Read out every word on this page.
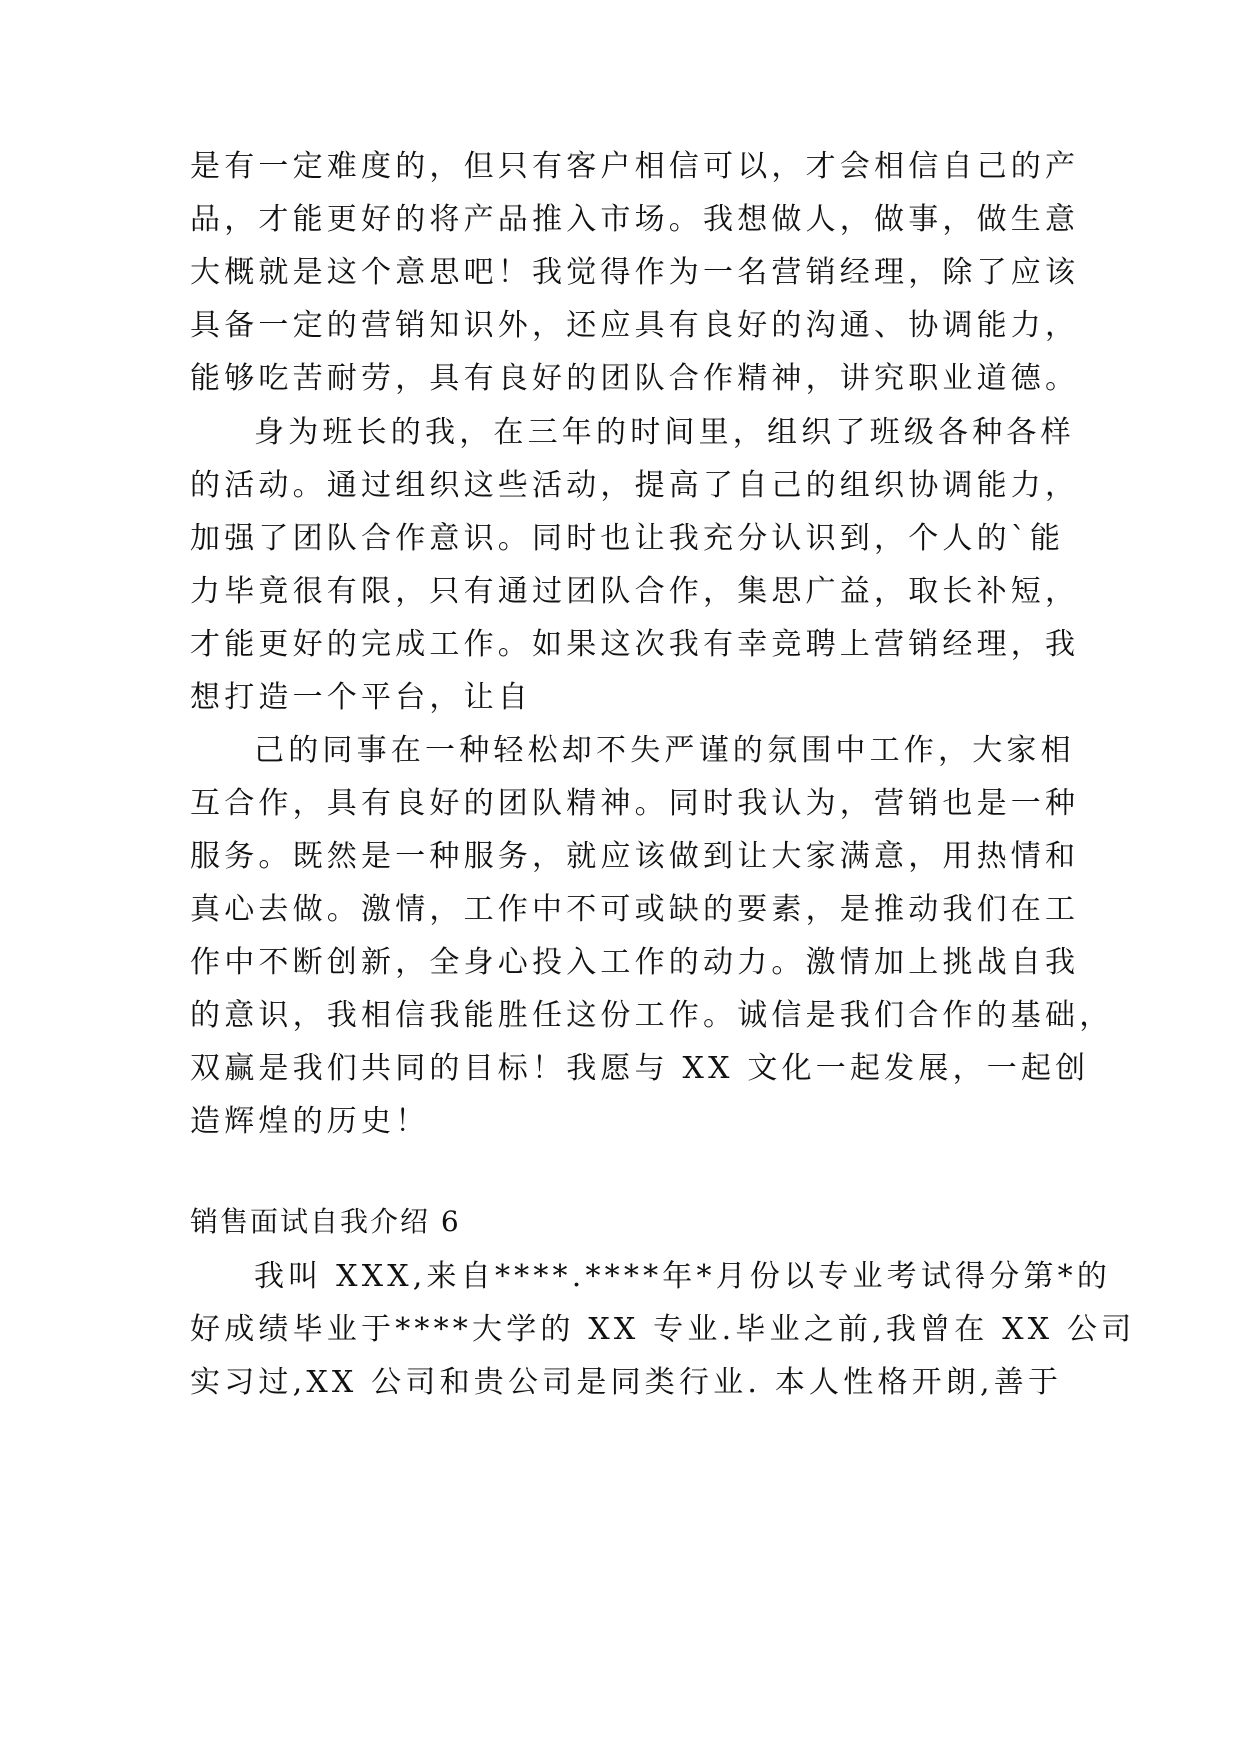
是有一定难度的，但只有客户相信可以，才会相信自己的产
品，才能更好的将产品推入市场。我想做人，做事，做生意
大概就是这个意思吧！我觉得作为一名营销经理，除了应该
具备一定的营销知识外，还应具有良好的沟通、协调能力，
能够吃苦耐劳，具有良好的团队合作精神，讲究职业道德。
身为班长的我，在三年的时间里，组织了班级各种各样
的活动。通过组织这些活动，提高了自己的组织协调能力，
加强了团队合作意识。同时也让我充分认识到，个人的`能
力毕竟很有限，只有通过团队合作，集思广益，取长补短，
才能更好的完成工作。如果这次我有幸竞聘上营销经理，我
想打造一个平台，让自
己的同事在一种轻松却不失严谨的氛围中工作，大家相
互合作，具有良好的团队精神。同时我认为，营销也是一种
服务。既然是一种服务，就应该做到让大家满意，用热情和
真心去做。激情，工作中不可或缺的要素，是推动我们在工
作中不断创新，全身心投入工作的动力。激情加上挑战自我
的意识，我相信我能胜任这份工作。诚信是我们合作的基础，
双赢是我们共同的目标！我愿与 XX 文化一起发展，一起创
造辉煌的历史！
销售面试自我介绍 6
我叫 XXX,来自****.****年*月份以专业考试得分第*的
好成绩毕业于****大学的 XX 专业.毕业之前,我曾在 XX 公司
实习过,XX 公司和贵公司是同类行业. 本人性格开朗,善于
